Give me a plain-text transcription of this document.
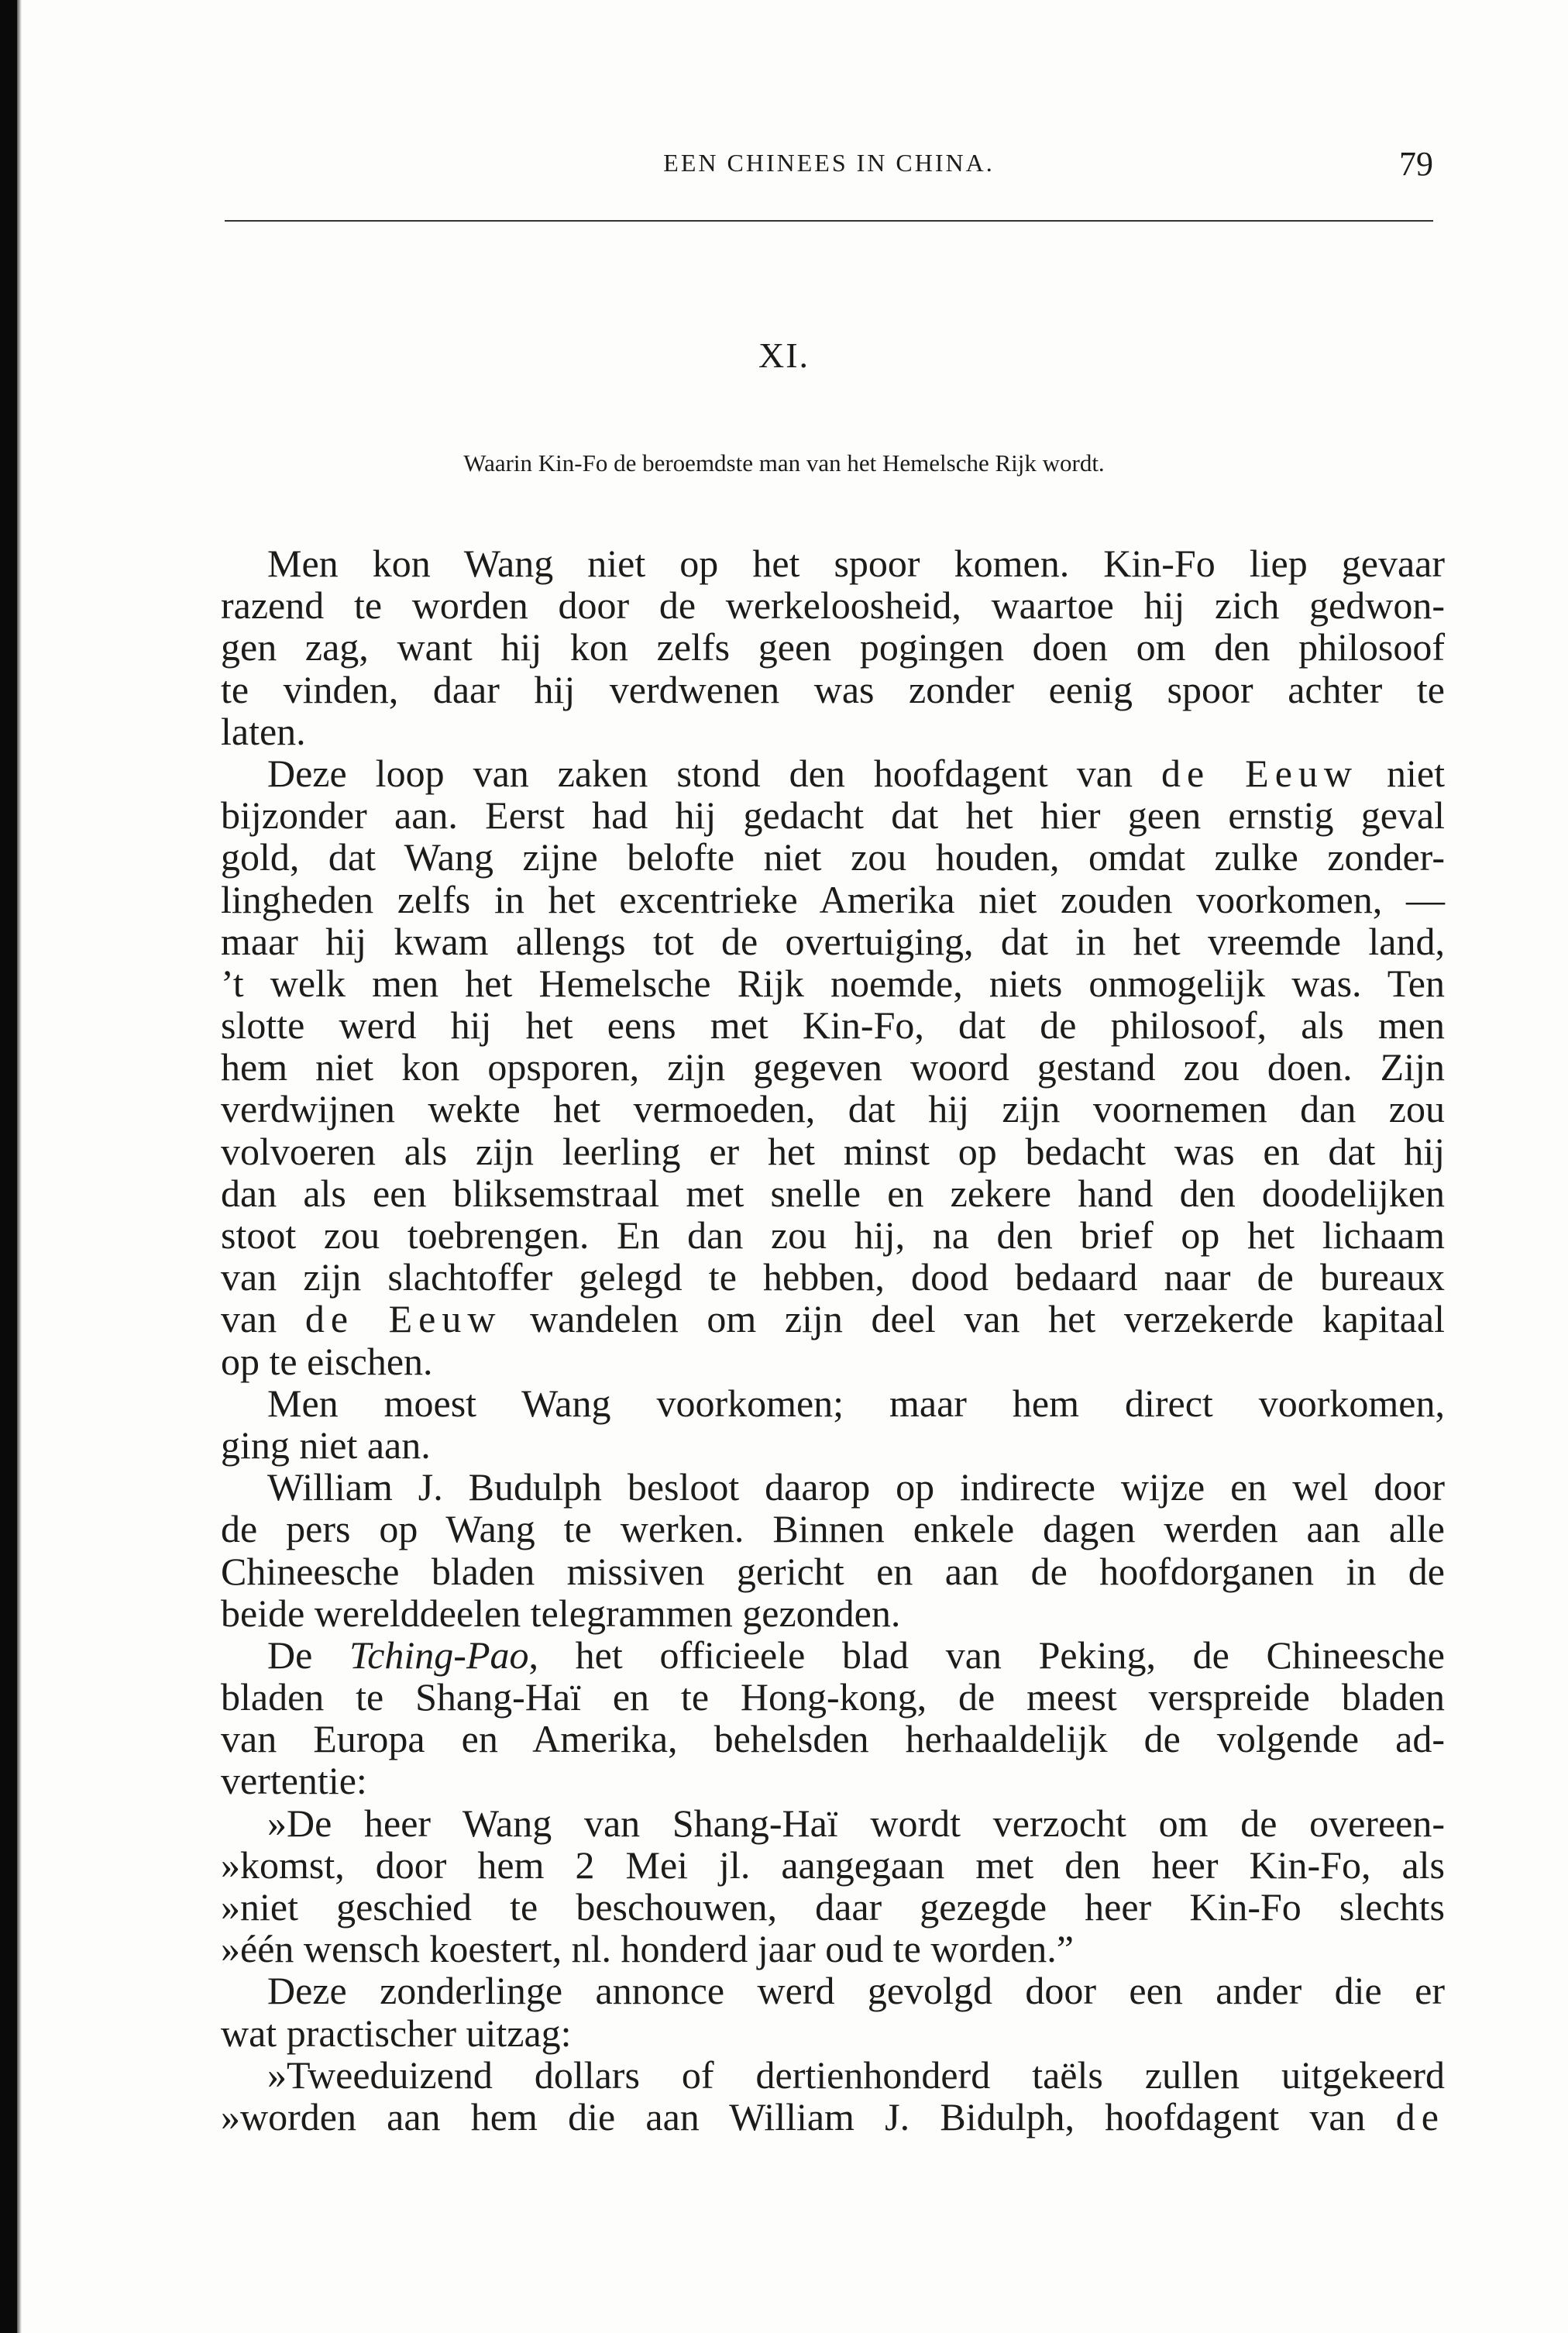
EEN CHINEES IN CHINA.	79
XI.
Waarin Kin-Fo de beroemdste man van het Hemelsche Rijk wordt.
Men kon Wang niet op het spoor komen. Kin-Fo liep gevaar
razend te worden door de werkeloosheid, waartoe hij zich gedwon-
gen zag, want hij kon zelfs geen pogingen doen om den philosoof
te vinden, daar hij verdwenen was zonder eenig spoor achter te
laten.
Deze loop van zaken stond den hoofdagent van de Eeuw niet
bijzonder aan. Eerst had hij gedacht dat het hier geen ernstig geval
gold, dat Wang zijne belofte niet zou houden, omdat zulke zonder-
lingheden zelfs in het excentrieke Amerika niet zouden voorkomen, —
maar hij kwam allengs tot de overtuiging, dat in het vreemde land,
’t welk men het Hemelsche Rijk noemde, niets onmogelijk was. Ten
slotte werd hij het eens met Kin-Fo, dat de philosoof, als men
hem niet kon opsporen, zijn gegeven woord gestand zou doen. Zijn
verdwijnen wekte het vermoeden, dat hij zijn voornemen dan zou
volvoeren als zijn leerling er het minst op bedacht was en dat hij
dan als een bliksemstraal met snelle en zekere hand den doodelijken
stoot zou toebrengen. En dan zou hij, na den brief op het lichaam
van zijn slachtoffer gelegd te hebben, dood bedaard naar de bureaux
van de Eeuw wandelen om zijn deel van het verzekerde kapitaal
op te eischen.
Men moest Wang voorkomen; maar hem direct voorkomen,
ging niet aan.
William J. Budulph besloot daarop op indirecte wijze en wel door
de pers op Wang te werken. Binnen enkele dagen werden aan alle
Chineesche bladen missiven gericht en aan de hoofdorganen in de
beide werelddeelen telegrammen gezonden.
De Tching-Pao, het officieele blad van Peking, de Chineesche
bladen te Shang-Haï en te Hong-kong, de meest verspreide bladen
van Europa en Amerika, behelsden herhaaldelijk de volgende ad-
vertentie:
»De heer Wang van Shang-Haï wordt verzocht om de overeen-
»komst, door hem 2 Mei jl. aangegaan met den heer Kin-Fo, als
»niet geschied te beschouwen, daar gezegde heer Kin-Fo slechts
»één wensch koestert, nl. honderd jaar oud te worden.”
Deze zonderlinge annonce werd gevolgd door een ander die er
wat practischer uitzag:
»Tweeduizend dollars of dertienhonderd taëls zullen uitgekeerd
»worden aan hem die aan William J. Bidulph, hoofdagent van de
